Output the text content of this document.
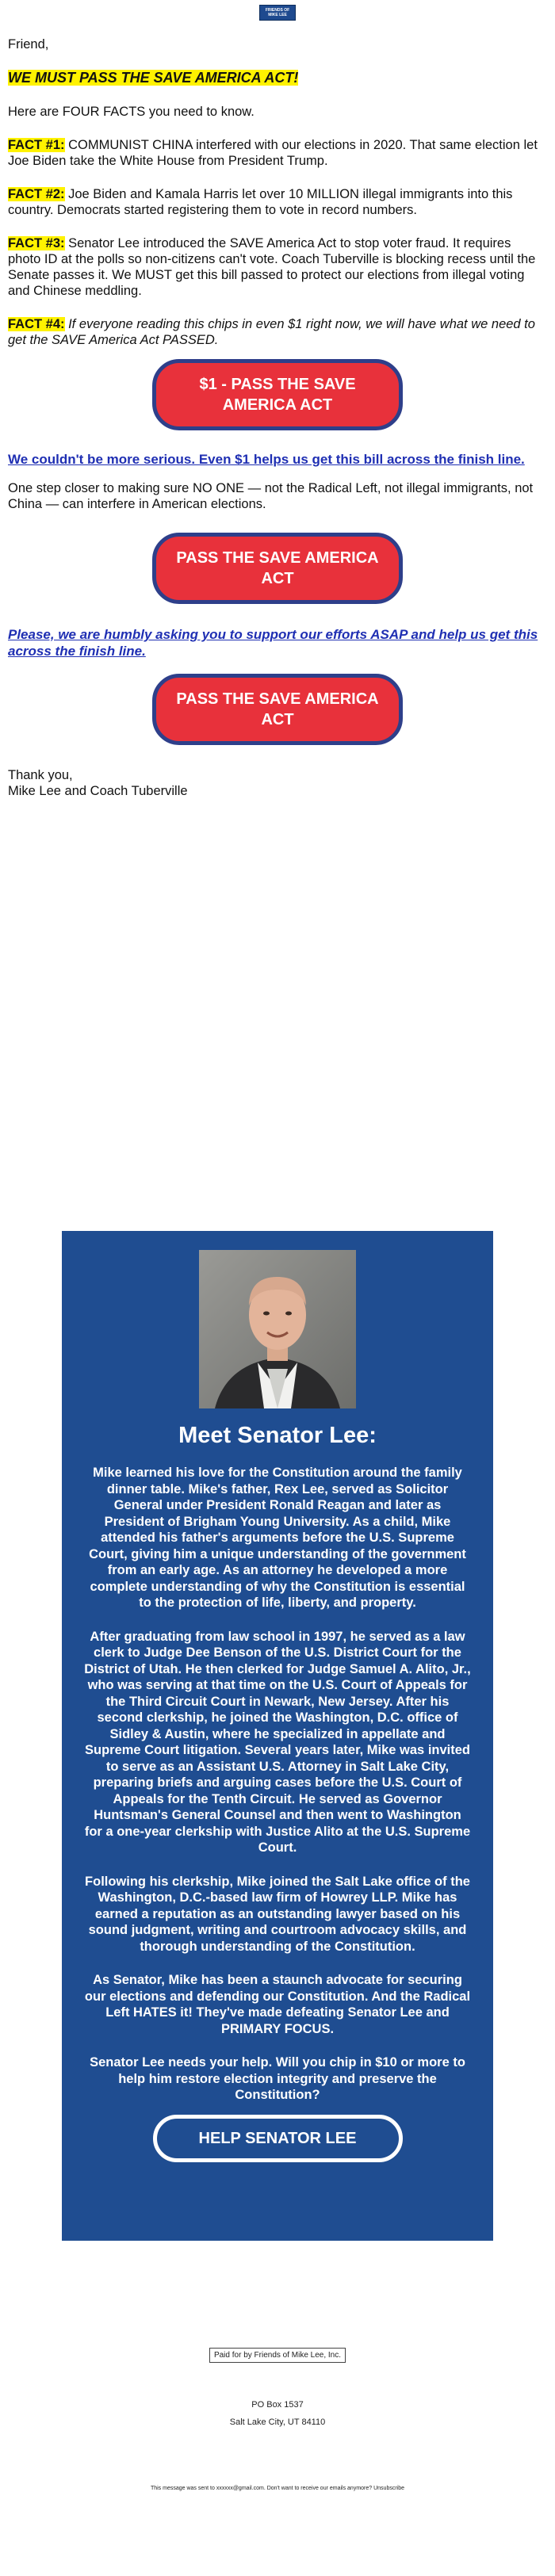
FRIENDS OF
MIKE LEE

Friend,

WE MUST PASS THE SAVE AMERICA ACT!

Here are FOUR FACTS you need to know.

FACT #1: COMMUNIST CHINA interfered with our elections in 2020. That same election let Joe Biden take the White House from President Trump.

FACT #2: Joe Biden and Kamala Harris let over 10 MILLION illegal immigrants into this country. Democrats started registering them to vote in record numbers.

FACT #3: Senator Lee introduced the SAVE America Act to stop voter fraud. It requires photo ID at the polls so non-citizens can't vote. Coach Tuberville is blocking recess until the Senate passes it. We MUST get this bill passed to protect our elections from illegal voting and Chinese meddling.

FACT #4: If everyone reading this chips in even $1 right now, we will have what we need to get the SAVE America Act PASSED.

$1 - PASS THE SAVE AMERICA ACT

We couldn't be more serious. Even $1 helps us get this bill across the finish line.

One step closer to making sure NO ONE — not the Radical Left, not illegal immigrants, not China — can interfere in American elections.

PASS THE SAVE AMERICA ACT

Please, we are humbly asking you to support our efforts ASAP and help us get this across the finish line.

PASS THE SAVE AMERICA ACT
Thank you,
Mike Lee and Coach Tuberville
Meet Senator Lee:

Mike learned his love for the Constitution around the family dinner table. Mike's father, Rex Lee, served as Solicitor General under President Ronald Reagan and later as President of Brigham Young University. As a child, Mike attended his father's arguments before the U.S. Supreme Court, giving him a unique understanding of the government from an early age. As an attorney he developed a more complete understanding of why the Constitution is essential to the protection of life, liberty, and property.

After graduating from law school in 1997, he served as a law clerk to Judge Dee Benson of the U.S. District Court for the District of Utah. He then clerked for Judge Samuel A. Alito, Jr., who was serving at that time on the U.S. Court of Appeals for the Third Circuit Court in Newark, New Jersey. After his second clerkship, he joined the Washington, D.C. office of Sidley & Austin, where he specialized in appellate and Supreme Court litigation. Several years later, Mike was invited to serve as an Assistant U.S. Attorney in Salt Lake City, preparing briefs and arguing cases before the U.S. Court of Appeals for the Tenth Circuit. He served as Governor Huntsman's General Counsel and then went to Washington for a one-year clerkship with Justice Alito at the U.S. Supreme Court.

Following his clerkship, Mike joined the Salt Lake office of the Washington, D.C.-based law firm of Howrey LLP. Mike has earned a reputation as an outstanding lawyer based on his sound judgment, writing and courtroom advocacy skills, and thorough understanding of the Constitution.

As Senator, Mike has been a staunch advocate for securing our elections and defending our Constitution. And the Radical Left HATES it! They've made defeating Senator Lee and PRIMARY FOCUS.

Senator Lee needs your help. Will you chip in $10 or more to help him restore election integrity and preserve the Constitution?

HELP SENATOR LEE
Paid for by Friends of Mike Lee, Inc.
PO Box 1537
Salt Lake City, UT 84110
This message was sent to xxxxxx@gmail.com. Don't want to receive our emails anymore? Unsubscribe
